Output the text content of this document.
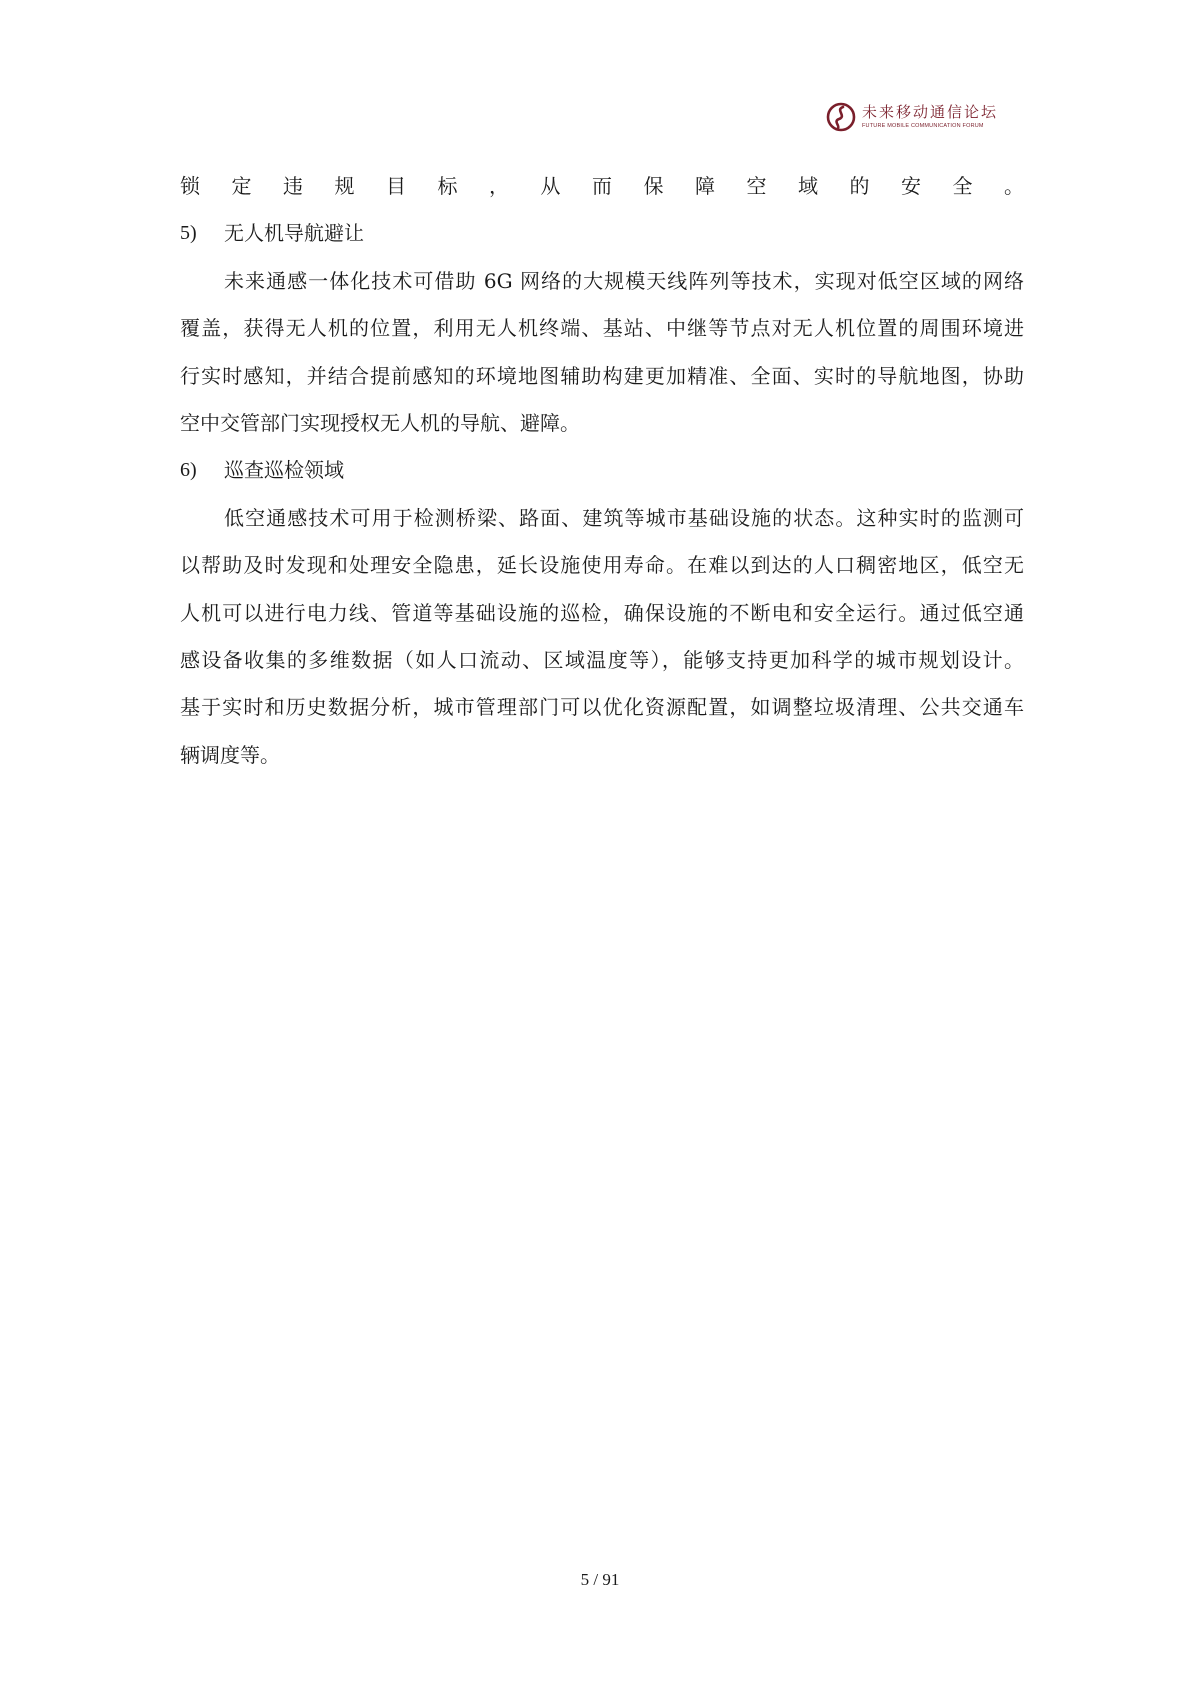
未来移动通信论坛
FUTURE MOBILE COMMUNICATION FORUM
锁定违规目标，从而保障空域的安全。
5)	无人机导航避让
未来通感一体化技术可借助 6G 网络的大规模天线阵列等技术，实现对低空区域的网络
覆盖，获得无人机的位置，利用无人机终端、基站、中继等节点对无人机位置的周围环境进
行实时感知，并结合提前感知的环境地图辅助构建更加精准、全面、实时的导航地图，协助
空中交管部门实现授权无人机的导航、避障。
6)	巡查巡检领域
低空通感技术可用于检测桥梁、路面、建筑等城市基础设施的状态。这种实时的监测可
以帮助及时发现和处理安全隐患，延长设施使用寿命。在难以到达的人口稠密地区，低空无
人机可以进行电力线、管道等基础设施的巡检，确保设施的不断电和安全运行。通过低空通
感设备收集的多维数据（如人口流动、区域温度等），能够支持更加科学的城市规划设计。
基于实时和历史数据分析，城市管理部门可以优化资源配置，如调整垃圾清理、公共交通车
辆调度等。
5 / 91
